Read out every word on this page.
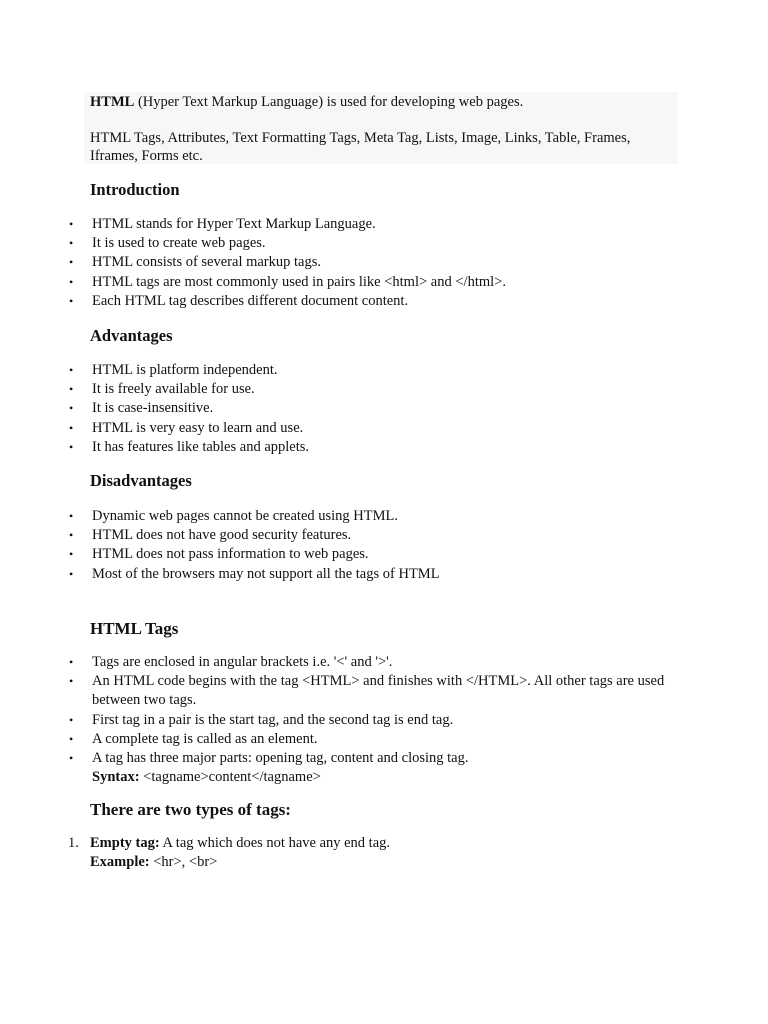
HTML (Hyper Text Markup Language) is used for developing web pages.
HTML Tags, Attributes, Text Formatting Tags, Meta Tag, Lists, Image, Links, Table, Frames, Iframes, Forms etc.
Introduction
• HTML stands for Hyper Text Markup Language.
• It is used to create web pages.
• HTML consists of several markup tags.
• HTML tags are most commonly used in pairs like <html> and </html>.
• Each HTML tag describes different document content.
Advantages
• HTML is platform independent.
• It is freely available for use.
• It is case-insensitive.
• HTML is very easy to learn and use.
• It has features like tables and applets.
Disadvantages
• Dynamic web pages cannot be created using HTML.
• HTML does not have good security features.
• HTML does not pass information to web pages.
• Most of the browsers may not support all the tags of HTML
HTML Tags
• Tags are enclosed in angular brackets i.e. '<' and '>'.
• An HTML code begins with the tag <HTML> and finishes with </HTML>. All other tags are used between two tags.
• First tag in a pair is the start tag, and the second tag is end tag.
• A complete tag is called as an element.
• A tag has three major parts: opening tag, content and closing tag.
Syntax: <tagname>content</tagname>
There are two types of tags:
1. Empty tag: A tag which does not have any end tag.
Example: <hr>, <br>
